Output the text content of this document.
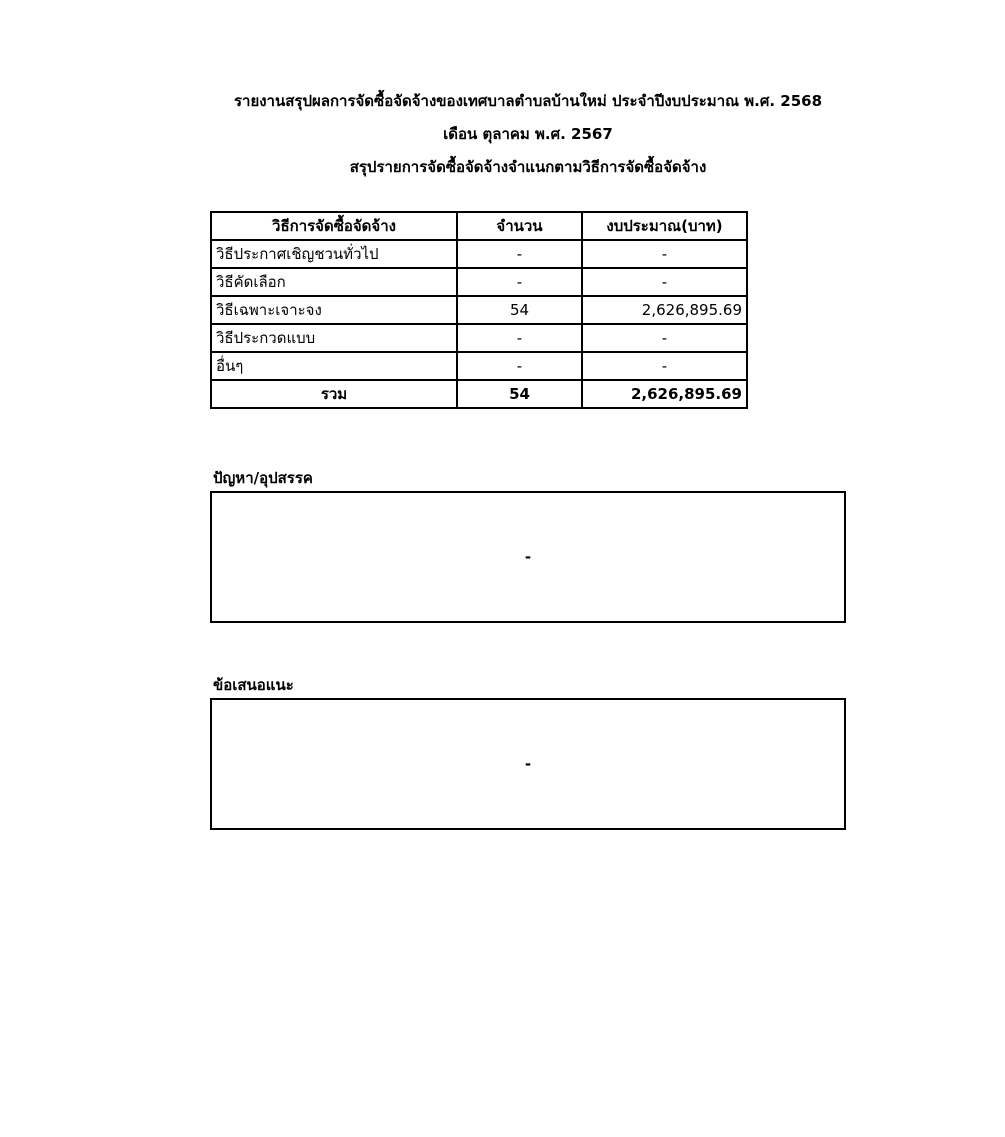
รายงานสรุปผลการจัดซื้อจัดจ้างของเทศบาลตำบลบ้านใหม่ ประจำปีงบประมาณ พ.ศ. 2568
เดือน ตุลาคม พ.ศ. 2567
สรุปรายการจัดซื้อจัดจ้างจำแนกตามวิธีการจัดซื้อจัดจ้าง
วิธีการจัดซื้อจัดจ้าง	จำนวน	งบประมาณ(บาท)
วิธีประกาศเชิญชวนทั่วไป	-	-
วิธีคัดเลือก	-	-
วิธีเฉพาะเจาะจง	54	2,626,895.69
วิธีประกวดแบบ	-	-
อื่นๆ	-	-
รวม	54	2,626,895.69
ปัญหา/อุปสรรค
-
ข้อเสนอแนะ
-
